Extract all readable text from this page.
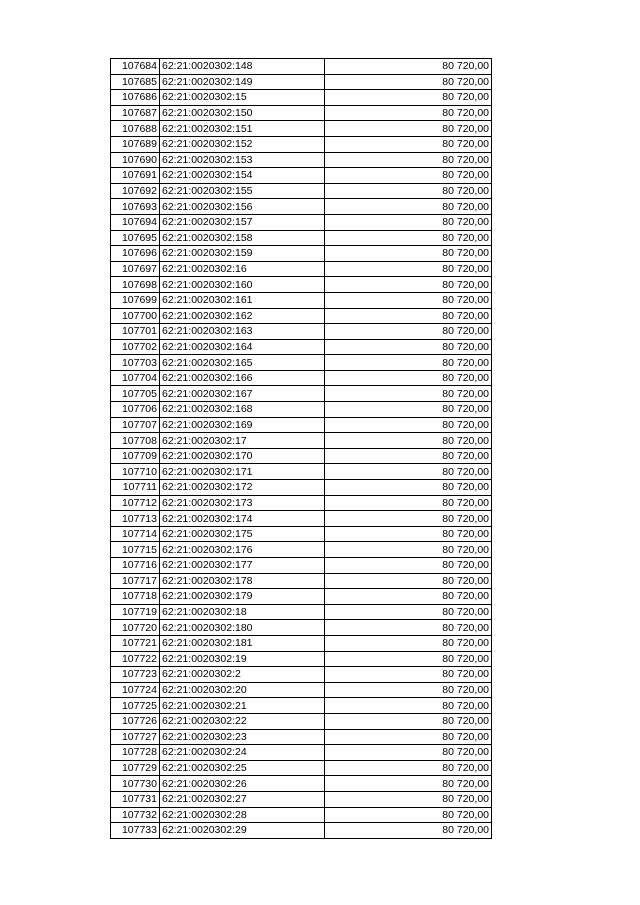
107684	62:21:0020302:148	80 720,00
107685	62:21:0020302:149	80 720,00
107686	62:21:0020302:15	80 720,00
107687	62:21:0020302:150	80 720,00
107688	62:21:0020302:151	80 720,00
107689	62:21:0020302:152	80 720,00
107690	62:21:0020302:153	80 720,00
107691	62:21:0020302:154	80 720,00
107692	62:21:0020302:155	80 720,00
107693	62:21:0020302:156	80 720,00
107694	62:21:0020302:157	80 720,00
107695	62:21:0020302:158	80 720,00
107696	62:21:0020302:159	80 720,00
107697	62:21:0020302:16	80 720,00
107698	62:21:0020302:160	80 720,00
107699	62:21:0020302:161	80 720,00
107700	62:21:0020302:162	80 720,00
107701	62:21:0020302:163	80 720,00
107702	62:21:0020302:164	80 720,00
107703	62:21:0020302:165	80 720,00
107704	62:21:0020302:166	80 720,00
107705	62:21:0020302:167	80 720,00
107706	62:21:0020302:168	80 720,00
107707	62:21:0020302:169	80 720,00
107708	62:21:0020302:17	80 720,00
107709	62:21:0020302:170	80 720,00
107710	62:21:0020302:171	80 720,00
107711	62:21:0020302:172	80 720,00
107712	62:21:0020302:173	80 720,00
107713	62:21:0020302:174	80 720,00
107714	62:21:0020302:175	80 720,00
107715	62:21:0020302:176	80 720,00
107716	62:21:0020302:177	80 720,00
107717	62:21:0020302:178	80 720,00
107718	62:21:0020302:179	80 720,00
107719	62:21:0020302:18	80 720,00
107720	62:21:0020302:180	80 720,00
107721	62:21:0020302:181	80 720,00
107722	62:21:0020302:19	80 720,00
107723	62:21:0020302:2	80 720,00
107724	62:21:0020302:20	80 720,00
107725	62:21:0020302:21	80 720,00
107726	62:21:0020302:22	80 720,00
107727	62:21:0020302:23	80 720,00
107728	62:21:0020302:24	80 720,00
107729	62:21:0020302:25	80 720,00
107730	62:21:0020302:26	80 720,00
107731	62:21:0020302:27	80 720,00
107732	62:21:0020302:28	80 720,00
107733	62:21:0020302:29	80 720,00
